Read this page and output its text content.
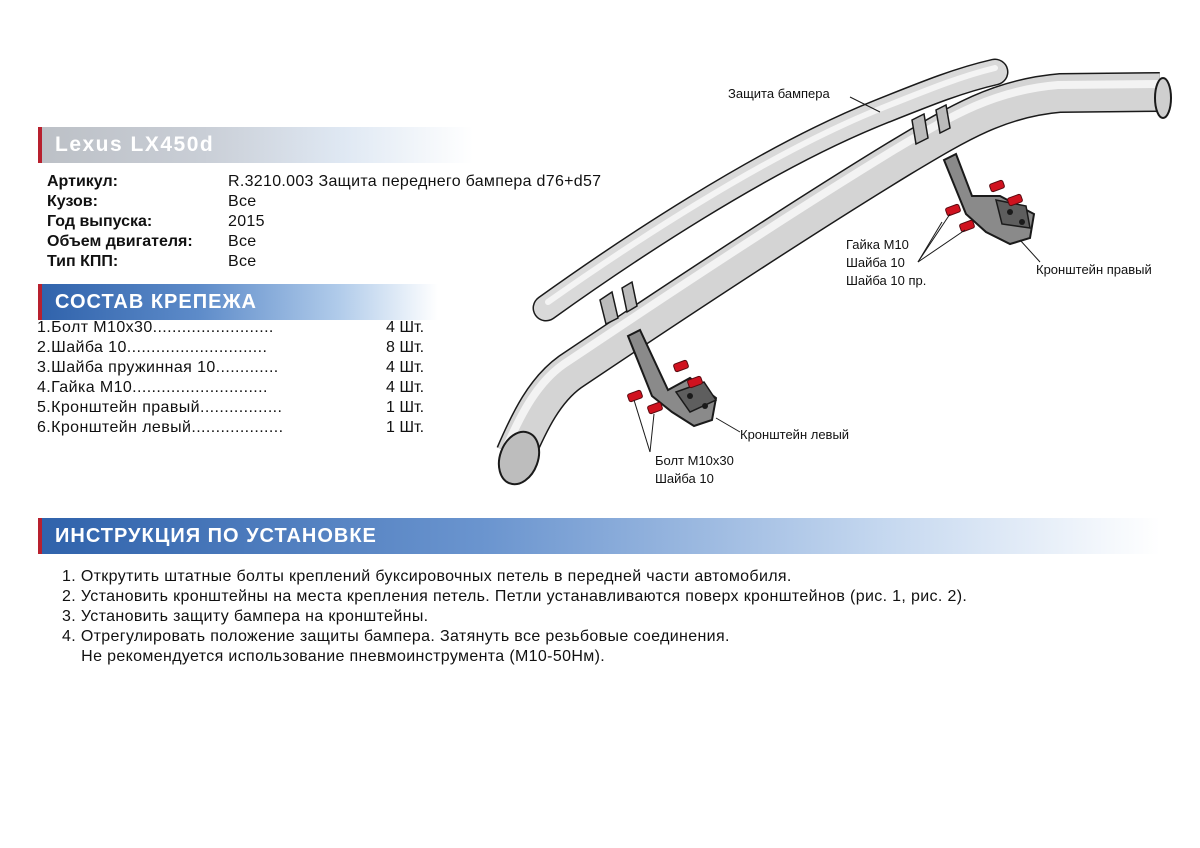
Lexus LX450d
Артикул:	R.3210.003 Защита переднего бампера d76+d57
Кузов:	Все
Год выпуска:	2015
Объем двигателя: Все
Тип КПП:	Все
СОСТАВ КРЕПЕЖА
1.Болт М10х30.........................	4 Шт.
2.Шайба 10.............................	8 Шт.
3.Шайба пружинная 10.............	4 Шт.
4.Гайка М10............................	4 Шт.
5.Кронштейн правый.................	1 Шт.
6.Кронштейн левый...................	1 Шт.
Защита бампера
Гайка М10
Шайба 10
Шайба 10 пр.
Кронштейн правый
Кронштейн левый
Болт М10х30
Шайба 10
ИНСТРУКЦИЯ ПО УСТАНОВКЕ
1. Открутить штатные болты креплений буксировочных петель в передней части автомобиля.
2. Установить кронштейны на места крепления петель. Петли устанавливаются поверх кронштейнов (рис. 1, рис. 2).
3. Установить защиту бампера на кронштейны.
4. Отрегулировать положение защиты бампера. Затянуть все резьбовые соединения.
Не рекомендуется использование пневмоинструмента (М10-50Нм).
